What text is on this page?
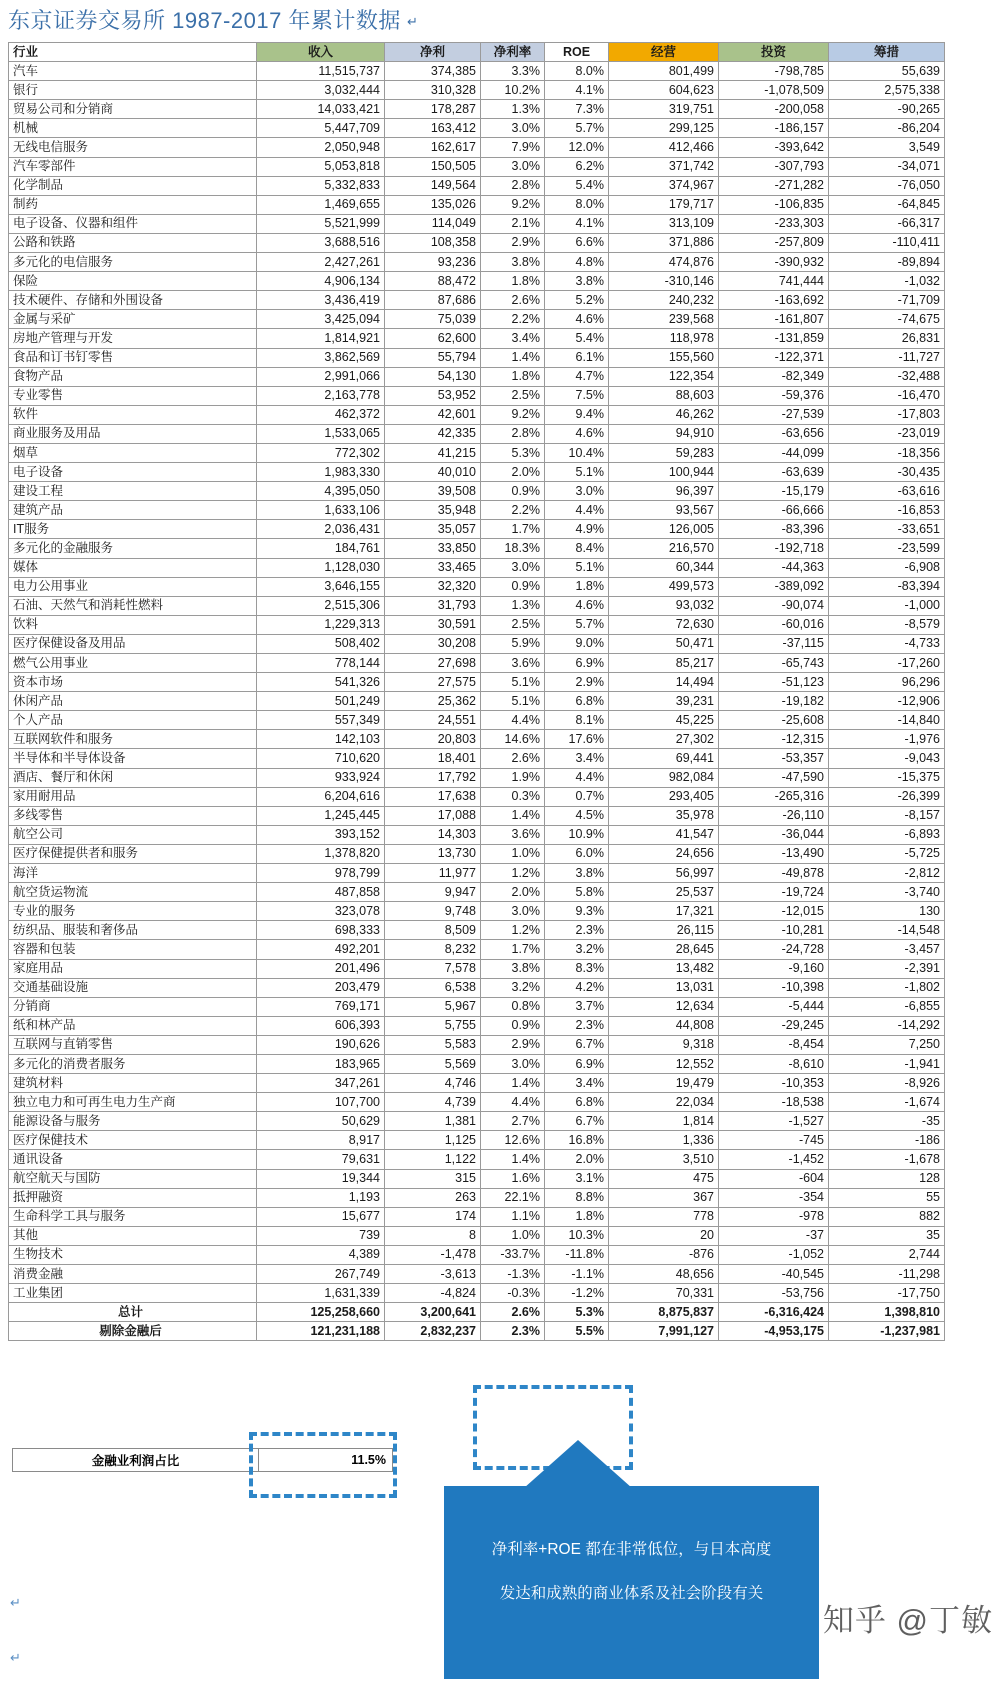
东京证券交易所 1987-2017 年累计数据 ↵
行业	收入	净利	净利率	ROE	经营	投资	筹措
汽车	11,515,737	374,385	3.3%	8.0%	801,499	-798,785	55,639
银行	3,032,444	310,328	10.2%	4.1%	604,623	-1,078,509	2,575,338
贸易公司和分销商	14,033,421	178,287	1.3%	7.3%	319,751	-200,058	-90,265
机械	5,447,709	163,412	3.0%	5.7%	299,125	-186,157	-86,204
无线电信服务	2,050,948	162,617	7.9%	12.0%	412,466	-393,642	3,549
汽车零部件	5,053,818	150,505	3.0%	6.2%	371,742	-307,793	-34,071
化学制品	5,332,833	149,564	2.8%	5.4%	374,967	-271,282	-76,050
制药	1,469,655	135,026	9.2%	8.0%	179,717	-106,835	-64,845
电子设备、仪器和组件	5,521,999	114,049	2.1%	4.1%	313,109	-233,303	-66,317
公路和铁路	3,688,516	108,358	2.9%	6.6%	371,886	-257,809	-110,411
多元化的电信服务	2,427,261	93,236	3.8%	4.8%	474,876	-390,932	-89,894
保险	4,906,134	88,472	1.8%	3.8%	-310,146	741,444	-1,032
技术硬件、存储和外围设备	3,436,419	87,686	2.6%	5.2%	240,232	-163,692	-71,709
金属与采矿	3,425,094	75,039	2.2%	4.6%	239,568	-161,807	-74,675
房地产管理与开发	1,814,921	62,600	3.4%	5.4%	118,978	-131,859	26,831
食品和订书钉零售	3,862,569	55,794	1.4%	6.1%	155,560	-122,371	-11,727
食物产品	2,991,066	54,130	1.8%	4.7%	122,354	-82,349	-32,488
专业零售	2,163,778	53,952	2.5%	7.5%	88,603	-59,376	-16,470
软件	462,372	42,601	9.2%	9.4%	46,262	-27,539	-17,803
商业服务及用品	1,533,065	42,335	2.8%	4.6%	94,910	-63,656	-23,019
烟草	772,302	41,215	5.3%	10.4%	59,283	-44,099	-18,356
电子设备	1,983,330	40,010	2.0%	5.1%	100,944	-63,639	-30,435
建设工程	4,395,050	39,508	0.9%	3.0%	96,397	-15,179	-63,616
建筑产品	1,633,106	35,948	2.2%	4.4%	93,567	-66,666	-16,853
IT服务	2,036,431	35,057	1.7%	4.9%	126,005	-83,396	-33,651
多元化的金融服务	184,761	33,850	18.3%	8.4%	216,570	-192,718	-23,599
媒体	1,128,030	33,465	3.0%	5.1%	60,344	-44,363	-6,908
电力公用事业	3,646,155	32,320	0.9%	1.8%	499,573	-389,092	-83,394
石油、天然气和消耗性燃料	2,515,306	31,793	1.3%	4.6%	93,032	-90,074	-1,000
饮料	1,229,313	30,591	2.5%	5.7%	72,630	-60,016	-8,579
医疗保健设备及用品	508,402	30,208	5.9%	9.0%	50,471	-37,115	-4,733
燃气公用事业	778,144	27,698	3.6%	6.9%	85,217	-65,743	-17,260
资本市场	541,326	27,575	5.1%	2.9%	14,494	-51,123	96,296
休闲产品	501,249	25,362	5.1%	6.8%	39,231	-19,182	-12,906
个人产品	557,349	24,551	4.4%	8.1%	45,225	-25,608	-14,840
互联网软件和服务	142,103	20,803	14.6%	17.6%	27,302	-12,315	-1,976
半导体和半导体设备	710,620	18,401	2.6%	3.4%	69,441	-53,357	-9,043
酒店、餐厅和休闲	933,924	17,792	1.9%	4.4%	982,084	-47,590	-15,375
家用耐用品	6,204,616	17,638	0.3%	0.7%	293,405	-265,316	-26,399
多线零售	1,245,445	17,088	1.4%	4.5%	35,978	-26,110	-8,157
航空公司	393,152	14,303	3.6%	10.9%	41,547	-36,044	-6,893
医疗保健提供者和服务	1,378,820	13,730	1.0%	6.0%	24,656	-13,490	-5,725
海洋	978,799	11,977	1.2%	3.8%	56,997	-49,878	-2,812
航空货运物流	487,858	9,947	2.0%	5.8%	25,537	-19,724	-3,740
专业的服务	323,078	9,748	3.0%	9.3%	17,321	-12,015	130
纺织品、服装和奢侈品	698,333	8,509	1.2%	2.3%	26,115	-10,281	-14,548
容器和包装	492,201	8,232	1.7%	3.2%	28,645	-24,728	-3,457
家庭用品	201,496	7,578	3.8%	8.3%	13,482	-9,160	-2,391
交通基础设施	203,479	6,538	3.2%	4.2%	13,031	-10,398	-1,802
分销商	769,171	5,967	0.8%	3.7%	12,634	-5,444	-6,855
纸和林产品	606,393	5,755	0.9%	2.3%	44,808	-29,245	-14,292
互联网与直销零售	190,626	5,583	2.9%	6.7%	9,318	-8,454	7,250
多元化的消费者服务	183,965	5,569	3.0%	6.9%	12,552	-8,610	-1,941
建筑材料	347,261	4,746	1.4%	3.4%	19,479	-10,353	-8,926
独立电力和可再生电力生产商	107,700	4,739	4.4%	6.8%	22,034	-18,538	-1,674
能源设备与服务	50,629	1,381	2.7%	6.7%	1,814	-1,527	-35
医疗保健技术	8,917	1,125	12.6%	16.8%	1,336	-745	-186
通讯设备	79,631	1,122	1.4%	2.0%	3,510	-1,452	-1,678
航空航天与国防	19,344	315	1.6%	3.1%	475	-604	128
抵押融资	1,193	263	22.1%	8.8%	367	-354	55
生命科学工具与服务	15,677	174	1.1%	1.8%	778	-978	882
其他	739	8	1.0%	10.3%	20	-37	35
生物技术	4,389	-1,478	-33.7%	-11.8%	-876	-1,052	2,744
消费金融	267,749	-3,613	-1.3%	-1.1%	48,656	-40,545	-11,298
工业集团	1,631,339	-4,824	-0.3%	-1.2%	70,331	-53,756	-17,750
总计	125,258,660	3,200,641	2.6%	5.3%	8,875,837	-6,316,424	1,398,810
剔除金融后	121,231,188	2,832,237	2.3%	5.5%	7,991,127	-4,953,175	-1,237,981
金融业利润占比	11.5%
净利率+ROE 都在非常低位，与日本高度
发达和成熟的商业体系及社会阶段有关
知乎 @丁敏
↵
↵
